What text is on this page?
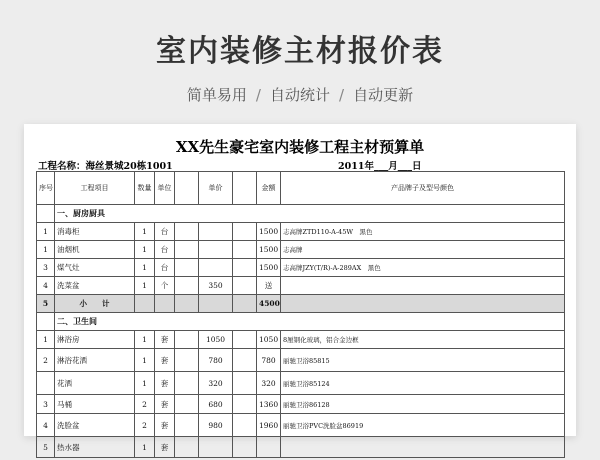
室内装修主材报价表
简单易用 / 自动统计 / 自动更新
XX先生豪宅室内装修工程主材预算单
工程名称：海丝景城20栋1001	2011年___月___日
序号	工程项目	数量	单位		单价		金额	产品牌子及型号颜色
	一、厨房厨具							
1	消毒柜	1	台				1500	志高牌ZTD110-A-45W　黑色
1	油烟机	1	台				1500	志高牌
3	煤气灶	1	台				1500	志高牌JZY(T/R)-A-289AX　黑色
4	洗菜盆	1	个		350		送	
5	小　　计						4500	
	二、卫生间							
1	淋浴房	1	套		1050		1050	8厘钢化玻璃，铝合金边框
2	淋浴花洒	1	套		780		780	丽驰卫浴85815
	花洒	1	套		320		320	丽驰卫浴85124
3	马桶	2	套		680		1360	丽驰卫浴86128
4	洗脸盆	2	套		980		1960	丽驰卫浴PVC洗脸盆86919
5	热水器	1	套					
